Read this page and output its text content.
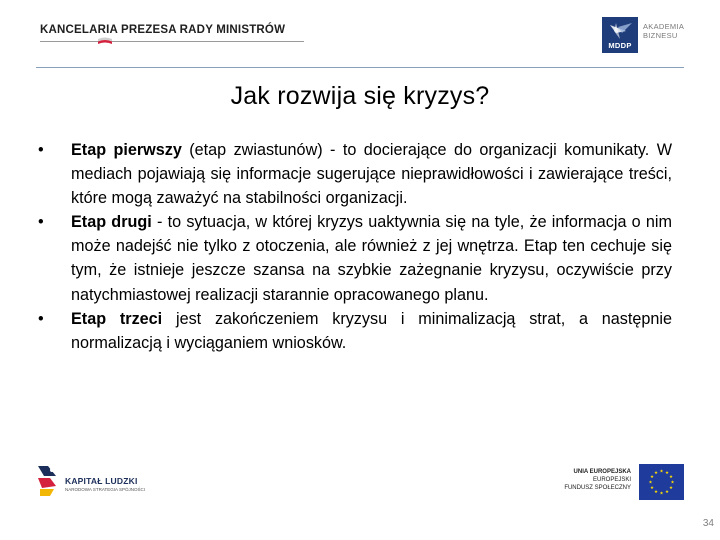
KANCELARIA PREZESA RADY MINISTRÓW
MDDP
AKADEMIA
BIZNESU
Jak rozwija się kryzys?
•	Etap pierwszy (etap zwiastunów) - to docierające do organizacji komunikaty. W mediach pojawiają się informacje sugerujące nieprawidłowości i zawierające treści, które mogą zaważyć na stabilności organizacji.
•	Etap drugi - to sytuacja, w której kryzys uaktywnia się na tyle, że informacja o nim może nadejść nie tylko z otoczenia, ale również z jej wnętrza. Etap ten cechuje się tym, że istnieje jeszcze szansa na szybkie zażegnanie kryzysu, oczywiście przy natychmiastowej realizacji starannie opracowanego planu.
•	Etap trzeci jest zakończeniem kryzysu i minimalizacją strat, a następnie normalizacją i wyciąganiem wniosków.
KAPITAŁ LUDZKI
NARODOWA STRATEGIA SPÓJNOŚCI
UNIA EUROPEJSKA
EUROPEJSKI
FUNDUSZ SPOŁECZNY
★ ★
★
★
★
★
★
★
★
★
★
★
34
